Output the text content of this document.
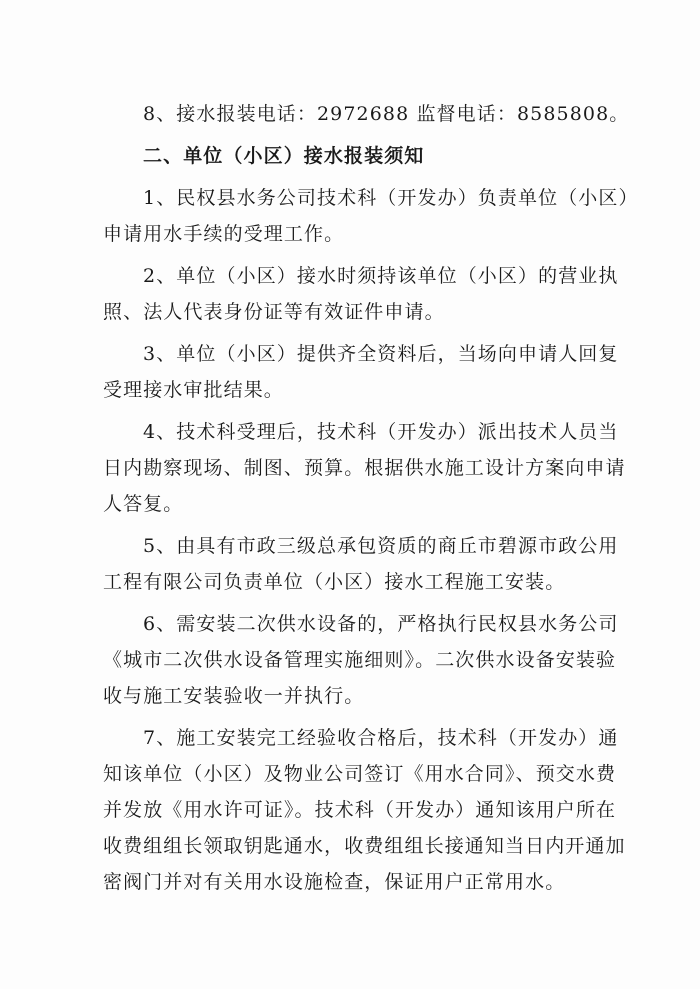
8、接水报装电话：2972688 监督电话：8585808。
二、单位（小区）接水报装须知
1、民权县水务公司技术科（开发办）负责单位（小区）
申请用水手续的受理工作。
2、单位（小区）接水时须持该单位（小区）的营业执
照、法人代表身份证等有效证件申请。
3、单位（小区）提供齐全资料后，当场向申请人回复
受理接水审批结果。
4、技术科受理后，技术科（开发办）派出技术人员当
日内勘察现场、制图、预算。根据供水施工设计方案向申请
人答复。
5、由具有市政三级总承包资质的商丘市碧源市政公用
工程有限公司负责单位（小区）接水工程施工安装。
6、需安装二次供水设备的，严格执行民权县水务公司
《城市二次供水设备管理实施细则》。二次供水设备安装验
收与施工安装验收一并执行。
7、施工安装完工经验收合格后，技术科（开发办）通
知该单位（小区）及物业公司签订《用水合同》、预交水费
并发放《用水许可证》。技术科（开发办）通知该用户所在
收费组组长领取钥匙通水，收费组组长接通知当日内开通加
密阀门并对有关用水设施检查，保证用户正常用水。
